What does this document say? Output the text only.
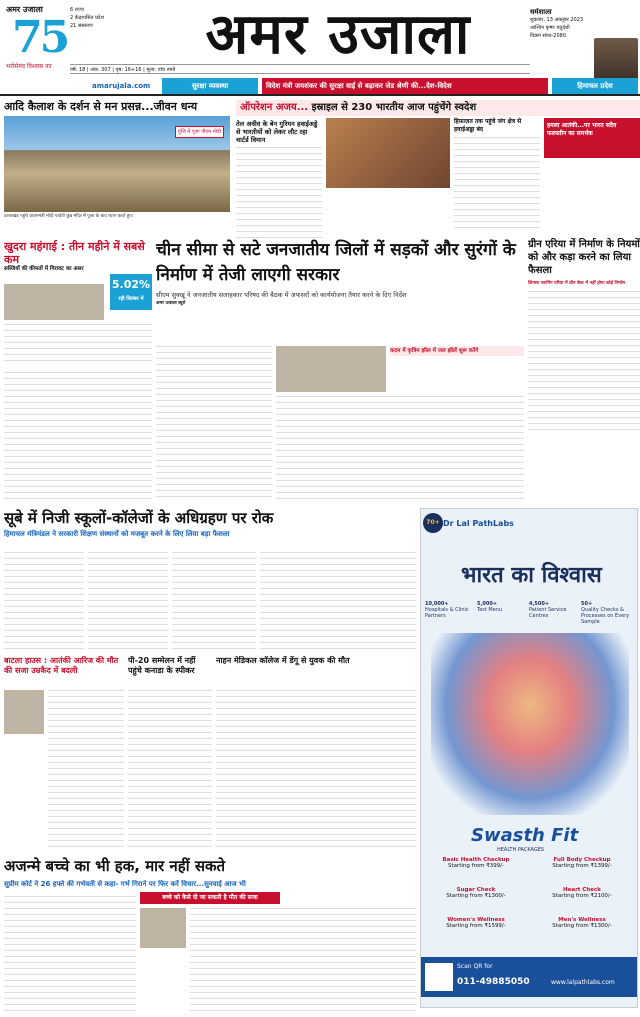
अमर उजाला
75
भरोसेमंद विश्वास का
6 राज्य
2 केंद्रशासित प्रदेश
21 संस्करण	अमर उजाला	धर्मशाला
शुक्रवार, 13 अक्तूबर 2023
आश्विन कृष्ण चतुर्दशी
विक्रम संवत-2080
वर्ष: 18 | अंक: 307 | पृष्ठ: 16+16 | मूल्य: पांच रुपये
amarujala.com	सुरक्षा व्यवस्था	विदेश मंत्री जयशंकर की सुरक्षा वाई से बढ़ाकर जेड श्रेणी की...देश-विदेश	हिमाचल प्रदेश
आदि कैलाश के दर्शन से मन प्रसन्न...जीवन धन्य
गुंजि में पूजा पीएम मोदी
उत्तराखंड पहुंचे प्रधानमंत्री मोदी पार्वती कुंड मंदिर में पूजा के बाद ध्यान करते हुए।
ऑपरेशन अजय... इस्राइल से 230 भारतीय आज पहुंचेंगे स्वदेश
तेल अवीव के बेन गुरियन हवाईअड्डे से भारतीयों को लेकर लौट रहा चार्टर्ड विमान
हिफ़ाज़त तक पहुंचे जंग क्षेत्र से हवाईअड्डा बंद
हमला आतंकी...पर भारत सदैव फलस्तीन का समर्थक
खुदरा महंगाई : तीन महीने में सबसे कम
सब्जियों की कीमतों में गिरावट का असर
5.02%
रही सितंबर में
चीन सीमा से सटे जनजातीय जिलों में सड़कों और सुरंगों के निर्माण में तेजी लाएगी सरकार
सीएम सुक्खू ने जनजातीय सलाहकार परिषद की बैठक में अफसरों को कार्ययोजना तैयार करने के दिए निर्देश
अमर उजाला ब्यूरो
कदम में कृत्रिम झील में जल झीलें शुरू करेंगे
ग्रीन एरिया में निर्माण के नियमों को और कड़ा करने का लिया फैसला
शिमला प्लानिंग एरिया में ग्रीन बेल्ट में नहीं होगा कोई निर्माण
सूबे में निजी स्कूलों-कॉलेजों के अधिग्रहण पर रोक
हिमाचल मंत्रिमंडल ने सरकारी शिक्षण संस्थानों को मजबूत करने के लिए लिया बड़ा फैसला
बाटला हाउस : आतंकी आरिज की मौत की सजा उम्रकैद में बदली
पी-20 सम्मेलन में नहीं पहुंचे कनाडा के स्पीकर
नाहन मेडिकल कॉलेज में डेंगू से युवक की मौत
70+ Dr Lal PathLabs
भारत का विश्वास
10,000+
Hospitals & Clinic Partners
5,000+
Test Menu
4,500+
Patient Service Centres
50+
Quality Checks & Processes on Every Sample
Swasth Fit
HEALTH PACKAGES
Basic Health Checkup
Starting from ₹399/-
Full Body Checkup
Starting from ₹1399/-
Sugar Check
Starting from ₹1300/-
Heart Check
Starting from ₹2100/-
Women's Wellness
Starting from ₹1599/-
Men's Wellness
Starting from ₹1300/-
Scan QR for
011-49885050	www.lalpathlabs.com
अजन्मे बच्चे का भी हक, मार नहीं सकते
सुप्रीम कोर्ट ने 26 हफ्ते की गर्भवती से कहा- गर्भ गिराने पर फिर करें विचार...सुनवाई आज भी
बच्चे को कैसे दी जा सकती है मौत की सजा
